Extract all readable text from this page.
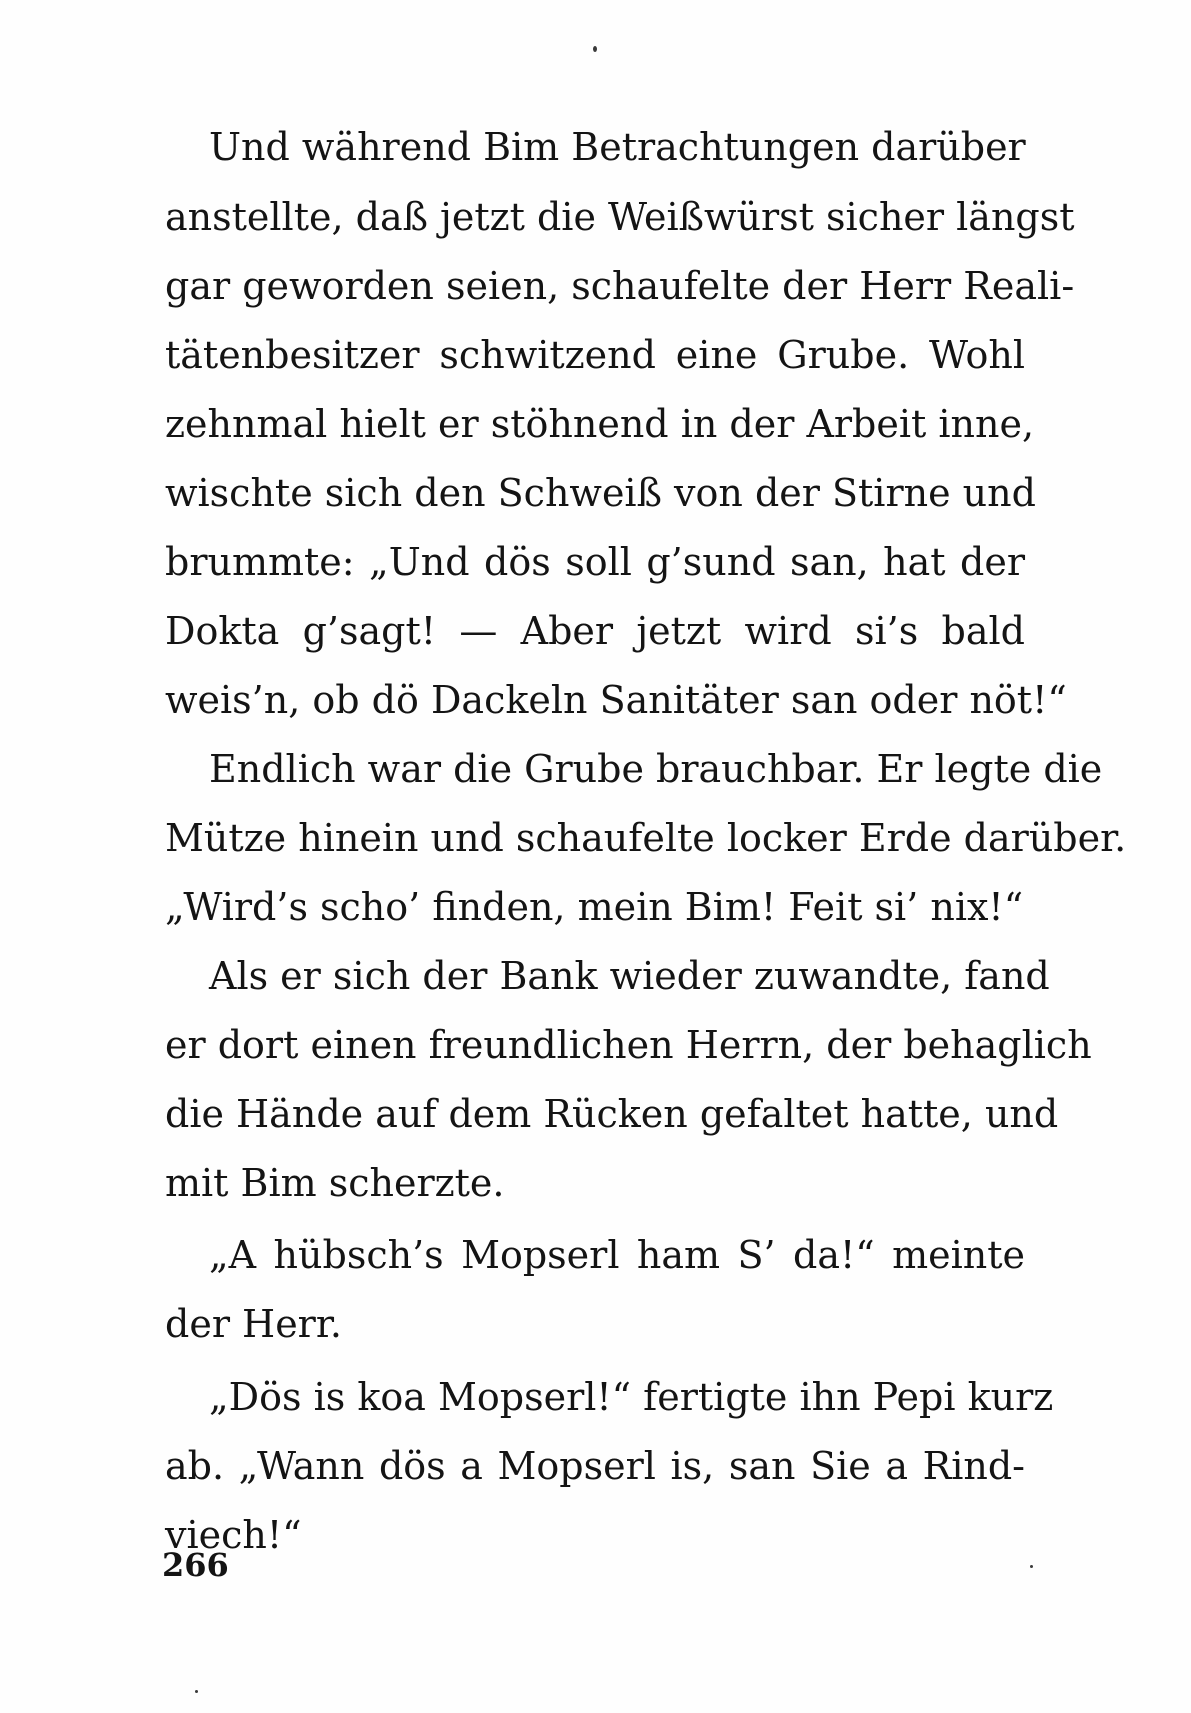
Und während Bim Betrachtungen darüber
anstellte, daß jetzt die Weißwürst sicher längst
gar geworden seien, schaufelte der Herr Reali-
tätenbesitzer schwitzend eine Grube. Wohl
zehnmal hielt er stöhnend in der Arbeit inne,
wischte sich den Schweiß von der Stirne und
brummte: „Und dös soll g’sund san, hat der
Dokta g’sagt! — Aber jetzt wird si’s bald
weis’n, ob dö Dackeln Sanitäter san oder nöt!“
Endlich war die Grube brauchbar. Er legte die
Mütze hinein und schaufelte locker Erde darüber.
„Wird’s scho’ finden, mein Bim! Feit si’ nix!“
Als er sich der Bank wieder zuwandte, fand
er dort einen freundlichen Herrn, der behaglich
die Hände auf dem Rücken gefaltet hatte, und
mit Bim scherzte.
„A hübsch’s Mopserl ham S’ da!“ meinte
der Herr.
„Dös is koa Mopserl!“ fertigte ihn Pepi kurz
ab. „Wann dös a Mopserl is, san Sie a Rind-
viech!“
266
